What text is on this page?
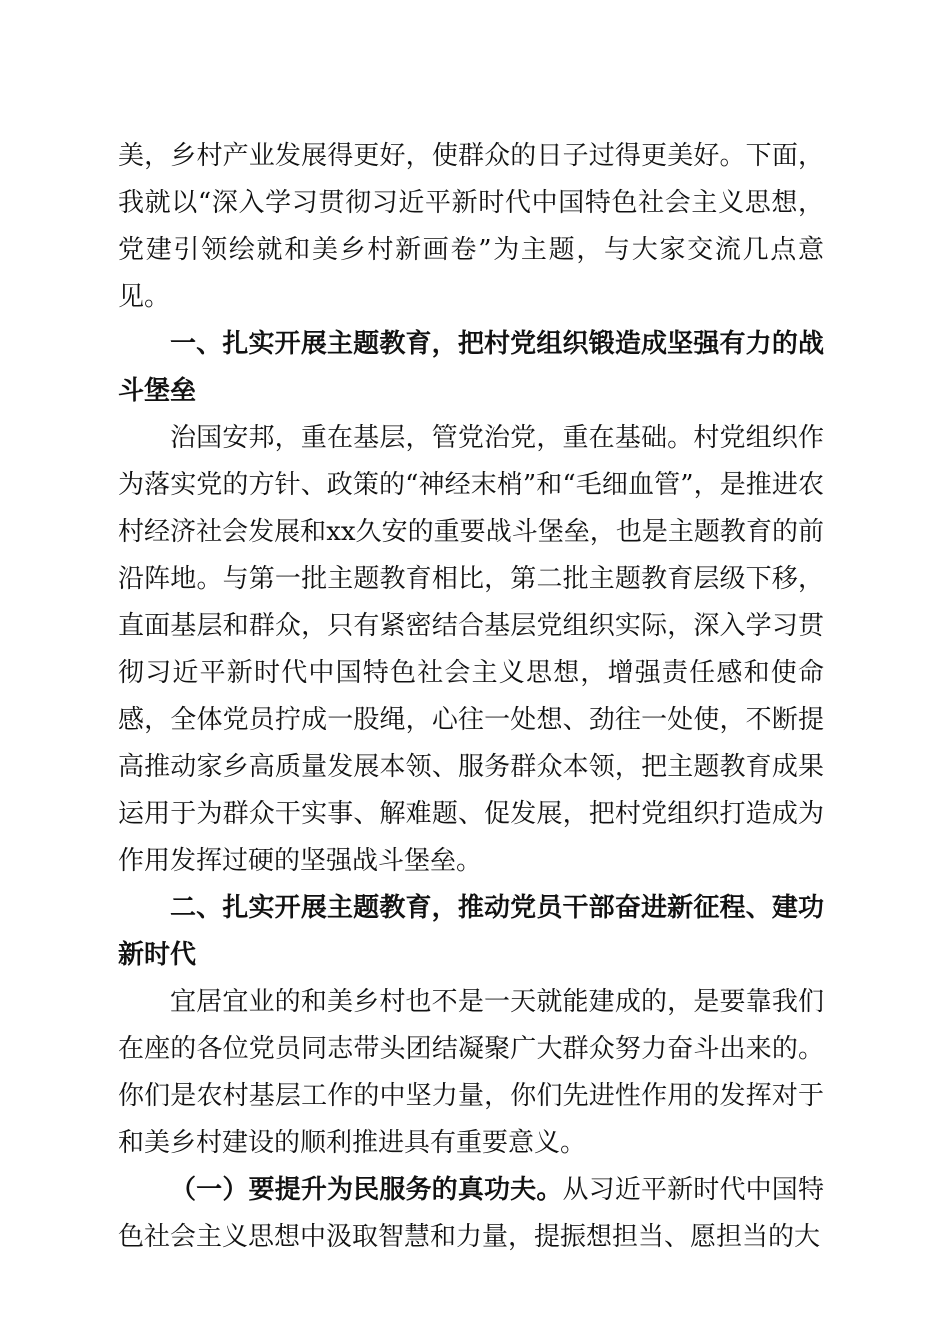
美，乡村产业发展得更好，使群众的日子过得更美好。下面，我就以“深入学习贯彻习近平新时代中国特色社会主义思想，党建引领绘就和美乡村新画卷”为主题，与大家交流几点意见。

一、扎实开展主题教育，把村党组织锻造成坚强有力的战斗堡垒

治国安邦，重在基层，管党治党，重在基础。村党组织作为落实党的方针、政策的“神经末梢”和“毛细血管”，是推进农村经济社会发展和xx久安的重要战斗堡垒，也是主题教育的前沿阵地。与第一批主题教育相比，第二批主题教育层级下移，直面基层和群众，只有紧密结合基层党组织实际，深入学习贯彻习近平新时代中国特色社会主义思想，增强责任感和使命感，全体党员拧成一股绳，心往一处想、劲往一处使，不断提高推动家乡高质量发展本领、服务群众本领，把主题教育成果运用于为群众干实事、解难题、促发展，把村党组织打造成为作用发挥过硬的坚强战斗堡垒。

二、扎实开展主题教育，推动党员干部奋进新征程、建功新时代

宜居宜业的和美乡村也不是一天就能建成的，是要靠我们在座的各位党员同志带头团结凝聚广大群众努力奋斗出来的。你们是农村基层工作的中坚力量，你们先进性作用的发挥对于和美乡村建设的顺利推进具有重要意义。

（一）要提升为民服务的真功夫。从习近平新时代中国特色社会主义思想中汲取智慧和力量，提振想担当、愿担当的大
